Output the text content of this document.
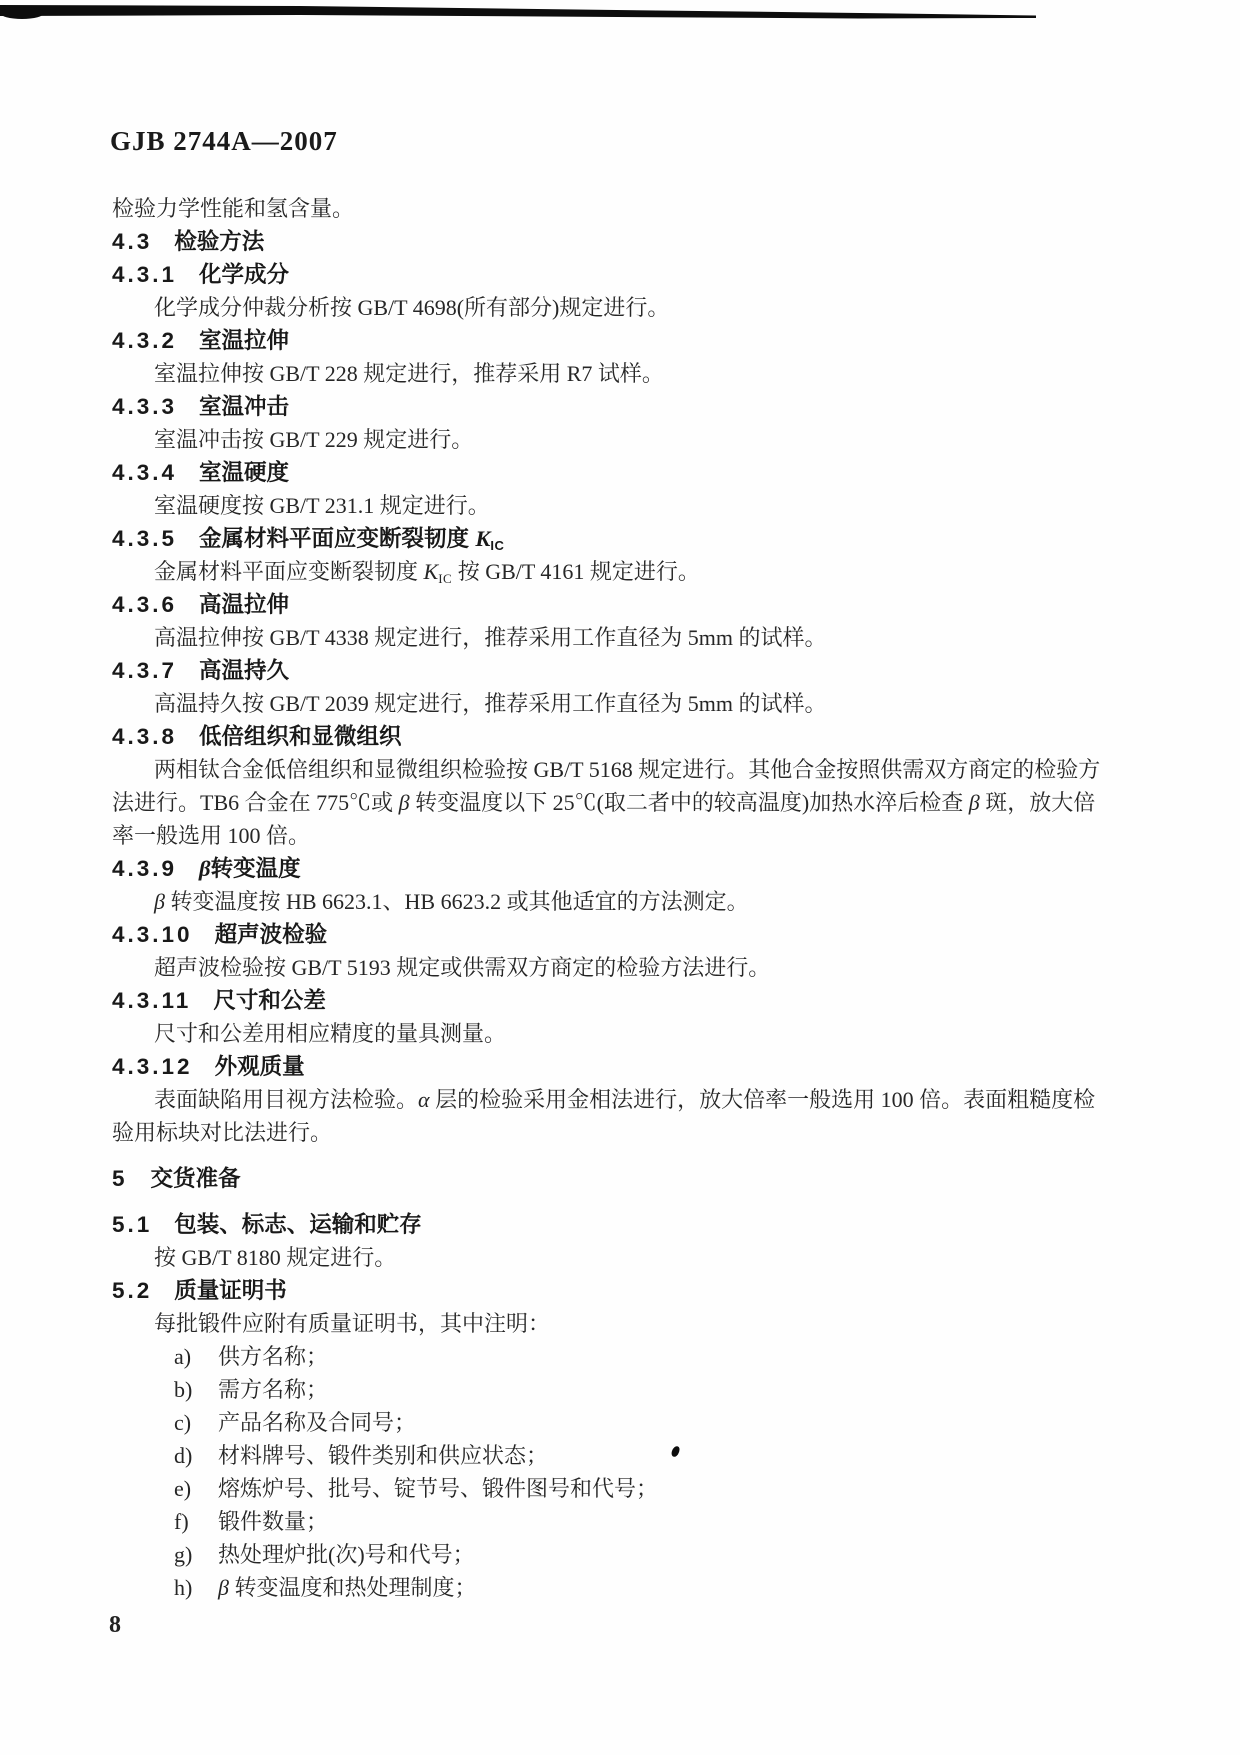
GJB 2744A—2007
检验力学性能和氢含量。
4.3 检验方法
4.3.1 化学成分
化学成分仲裁分析按 GB/T 4698(所有部分)规定进行。
4.3.2 室温拉伸
室温拉伸按 GB/T 228 规定进行，推荐采用 R7 试样。
4.3.3 室温冲击
室温冲击按 GB/T 229 规定进行。
4.3.4 室温硬度
室温硬度按 GB/T 231.1 规定进行。
4.3.5 金属材料平面应变断裂韧度 $K_{IC}$
金属材料平面应变断裂韧度 $K_{IC}$ 按 GB/T 4161 规定进行。
4.3.6 高温拉伸
高温拉伸按 GB/T 4338 规定进行，推荐采用工作直径为 5mm 的试样。
4.3.7 高温持久
高温持久按 GB/T 2039 规定进行，推荐采用工作直径为 5mm 的试样。
4.3.8 低倍组织和显微组织
两相钛合金低倍组织和显微组织检验按 GB/T 5168 规定进行。其他合金按照供需双方商定的检验方
法进行。TB6 合金在 775℃或 β 转变温度以下 25℃(取二者中的较高温度)加热水淬后检查 β 斑，放大倍
率一般选用 100 倍。
4.3.9 β转变温度
β 转变温度按 HB 6623.1、HB 6623.2 或其他适宜的方法测定。
4.3.10 超声波检验
超声波检验按 GB/T 5193 规定或供需双方商定的检验方法进行。
4.3.11 尺寸和公差
尺寸和公差用相应精度的量具测量。
4.3.12 外观质量
表面缺陷用目视方法检验。α 层的检验采用金相法进行，放大倍率一般选用 100 倍。表面粗糙度检
验用标块对比法进行。
5 交货准备
5.1 包装、标志、运输和贮存
按 GB/T 8180 规定进行。
5.2 质量证明书
每批锻件应附有质量证明书，其中注明：
a) 供方名称；
b) 需方名称；
c) 产品名称及合同号；
d) 材料牌号、锻件类别和供应状态；
e) 熔炼炉号、批号、锭节号、锻件图号和代号；
f) 锻件数量；
g) 热处理炉批(次)号和代号；
h) β 转变温度和热处理制度；
8
